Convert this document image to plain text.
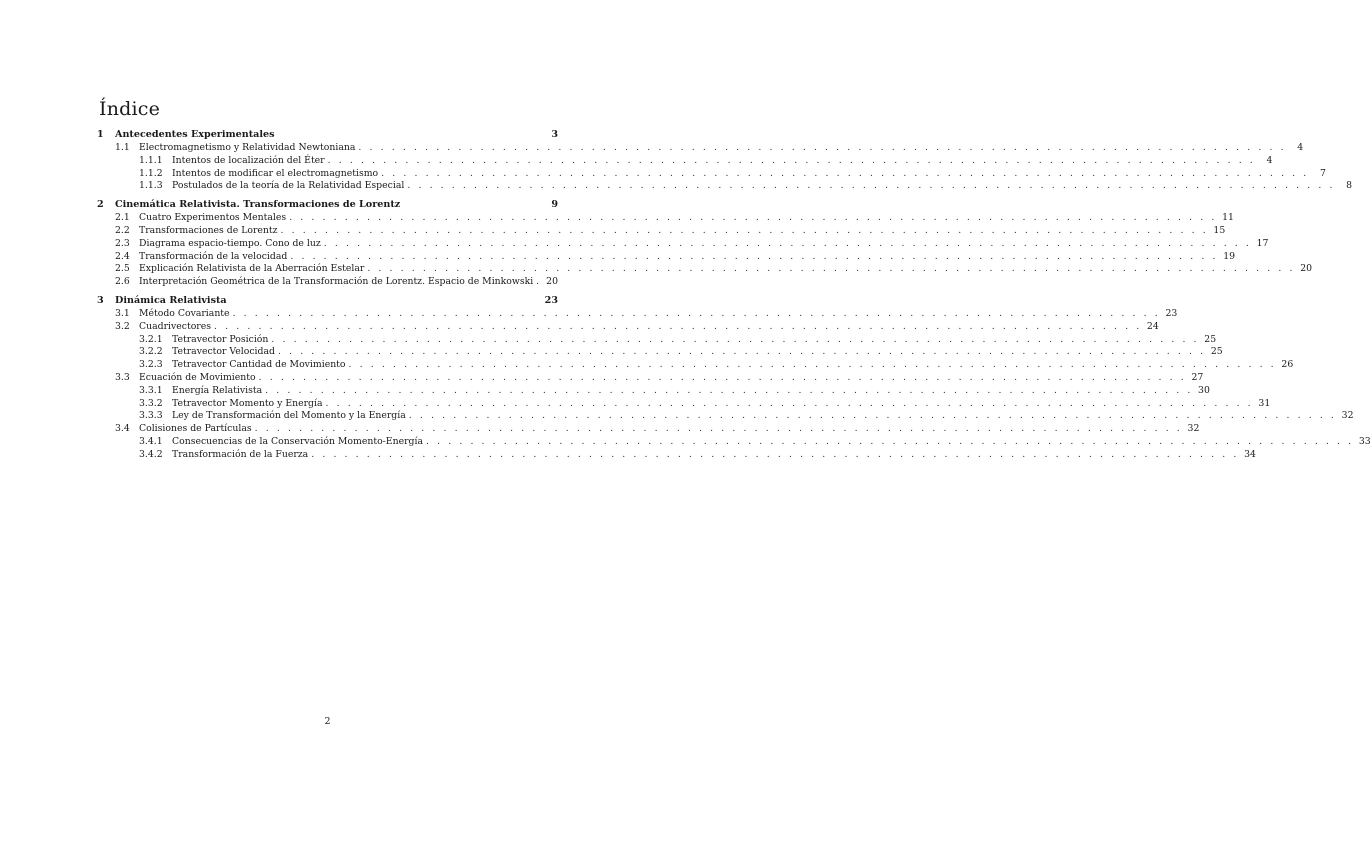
Índice
1	Antecedentes Experimentales	3
1.1 Electromagnetismo y Relatividad Newtoniana . . .	4
1.1.1	Intentos de localización del Éter . . .	4
1.1.2	Intentos de modificar el electromagnetismo . . .	7
1.1.3	Postulados de la teoría de la Relatividad Especial . . .	8
2	Cinemática Relativista. Transformaciones de Lorentz	9
2.1 Cuatro Experimentos Mentales . . .	11
2.2 Transformaciones de Lorentz . . .	15
2.3 Diagrama espacio-tiempo. Cono de luz . . .	17
2.4 Transformación de la velocidad . . .	19
2.5 Explicación Relativista de la Aberración Estelar . . .	20
2.6 Interpretación Geométrica de la Transformación de Lorentz. Espacio de Minkowski . 20
3	Dinámica Relativista	23
3.1 Método Covariante . . .	23
3.2 Cuadrivectores . . .	24
3.2.1	Tetravector Posición . . .	25
3.2.2	Tetravector Velocidad . . .	25
3.2.3	Tetravector Cantidad de Movimiento . . .	26
3.3 Ecuación de Movimiento . . .	27
3.3.1	Energía Relativista . . .	30
3.3.2	Tetravector Momento y Energía . . .	31
3.3.3	Ley de Transformación del Momento y la Energía . . .	32
3.4 Colisiones de Partículas . . .	32
3.4.1	Consecuencias de la Conservación Momento-Energía . . .	33
3.4.2	Transformación de la Fuerza . . .	34
2
